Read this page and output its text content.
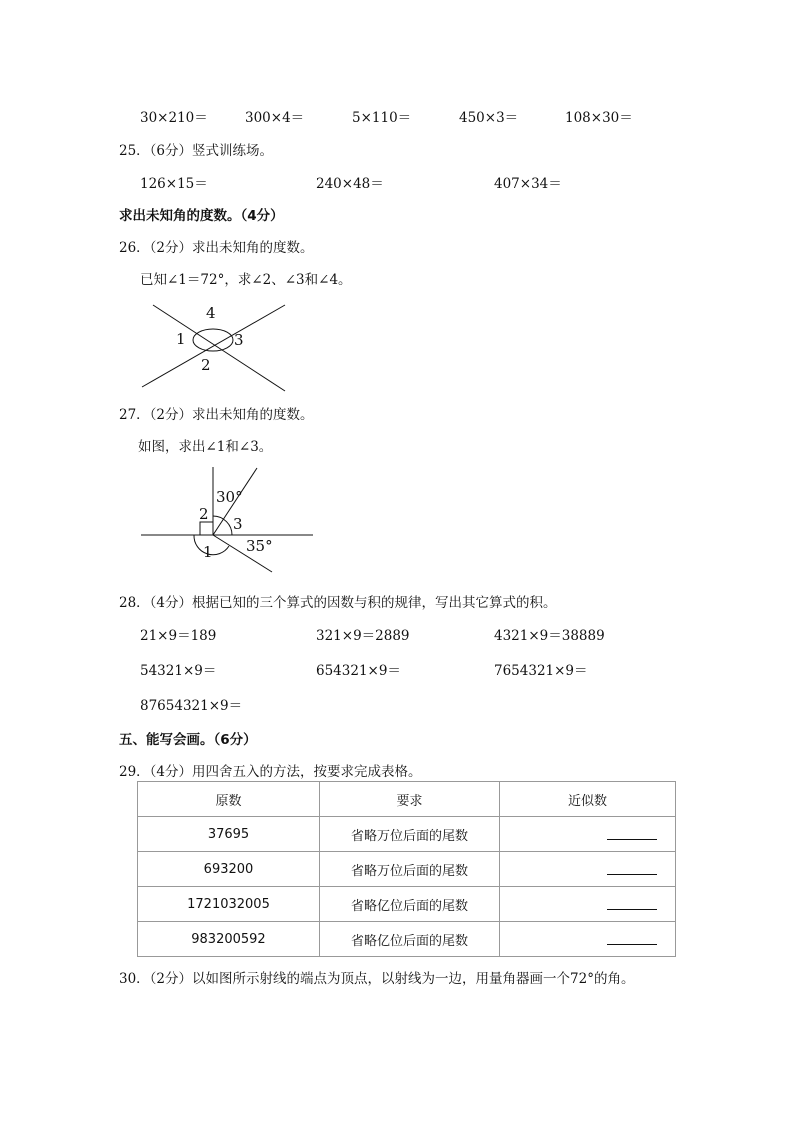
30×210＝	300×4＝	5×110＝	450×3＝	108×30＝
25．（6分）竖式训练场。
126×15＝	240×48＝	407×34＝
求出未知角的度数。（4分）
26．（2分）求出未知角的度数。
已知∠1＝72°，求∠2、∠3和∠4。
1
2
3
4
27．（2分）求出未知角的度数。
如图，求出∠1和∠3。
2
3
1
30°
35°
28．（4分）根据已知的三个算式的因数与积的规律，写出其它算式的积。
21×9＝189	321×9＝2889	4321×9＝38889
54321×9＝	654321×9＝	7654321×9＝
87654321×9＝
五、能写会画。（6分）
29．（4分）用四舍五入的方法，按要求完成表格。
原数	要求	近似数
37695	省略万位后面的尾数	
693200	省略万位后面的尾数	
1721032005	省略亿位后面的尾数	
983200592	省略亿位后面的尾数	
30．（2分）以如图所示射线的端点为顶点，以射线为一边，用量角器画一个72°的角。
